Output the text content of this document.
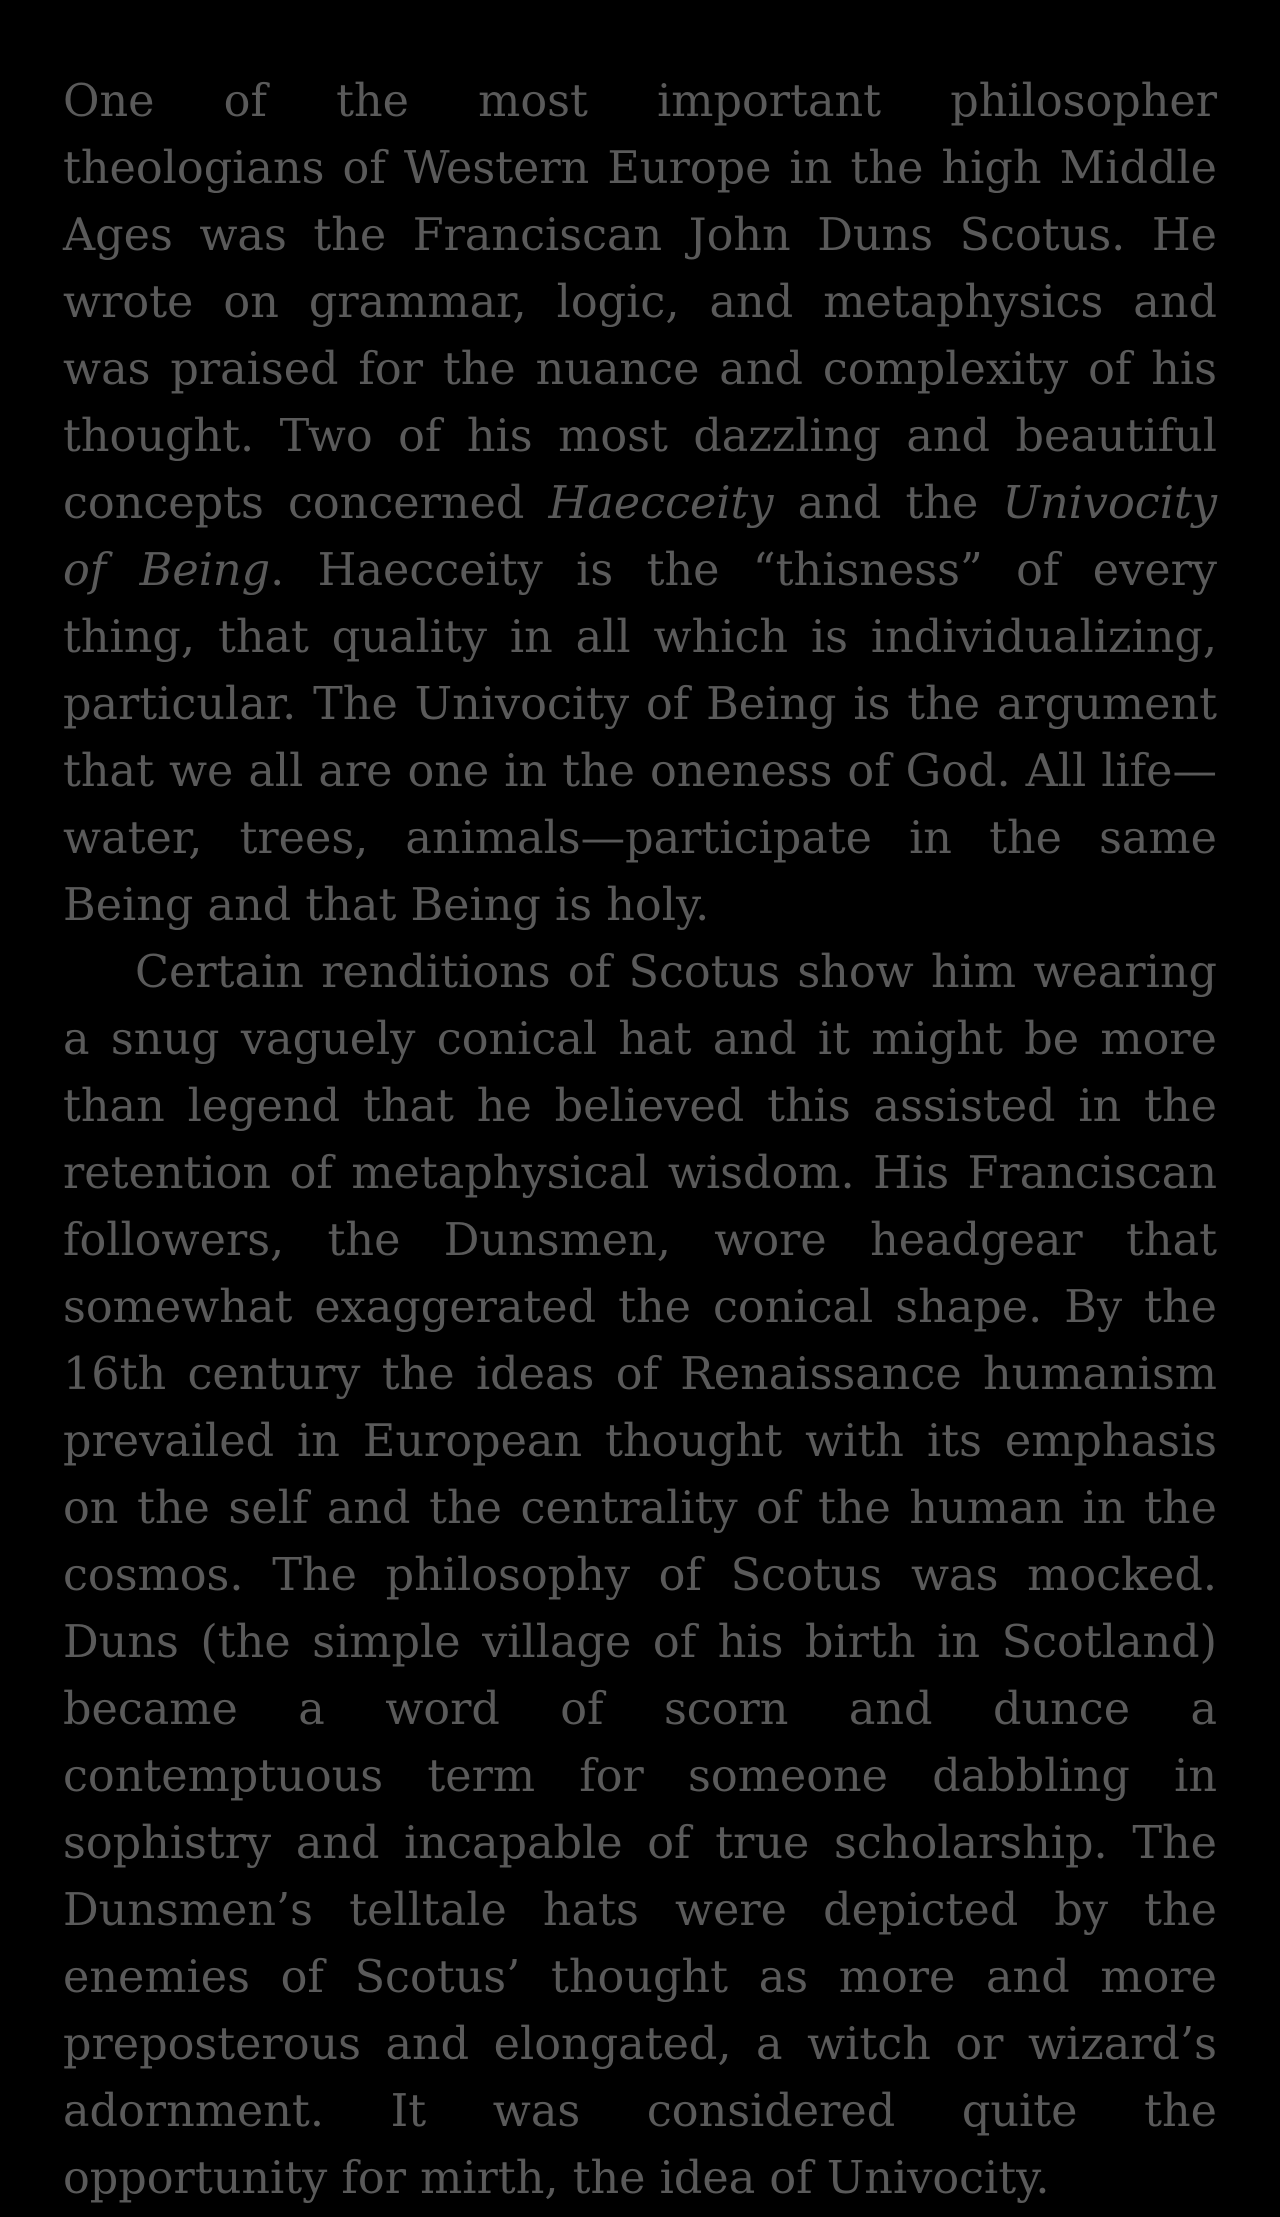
One of the most important philosopher theologians of Western Europe in the high Middle Ages was the Franciscan John Duns Scotus. He wrote on grammar, logic, and metaphysics and was praised for the nuance and complexity of his thought. Two of his most dazzling and beautiful concepts concerned Haecceity and the Univocity of Being. Haecceity is the “thisness” of every thing, that quality in all which is individualizing, particular. The Univocity of Being is the argument that we all are one in the oneness of God. All life—water, trees, animals—participate in the same Being and that Being is holy.

Certain renditions of Scotus show him wearing a snug vaguely conical hat and it might be more than legend that he believed this assisted in the retention of metaphysical wisdom. His Franciscan followers, the Dunsmen, wore headgear that somewhat exaggerated the conical shape. By the 16th century the ideas of Renaissance humanism prevailed in European thought with its emphasis on the self and the centrality of the human in the cosmos. The philosophy of Scotus was mocked. Duns (the simple village of his birth in Scotland) became a word of scorn and dunce a contemptuous term for someone dabbling in sophistry and incapable of true scholarship. The Dunsmen’s telltale hats were depicted by the enemies of Scotus’ thought as more and more preposterous and elongated, a witch or wizard’s adornment. It was considered quite the opportunity for mirth, the idea of Univocity.
